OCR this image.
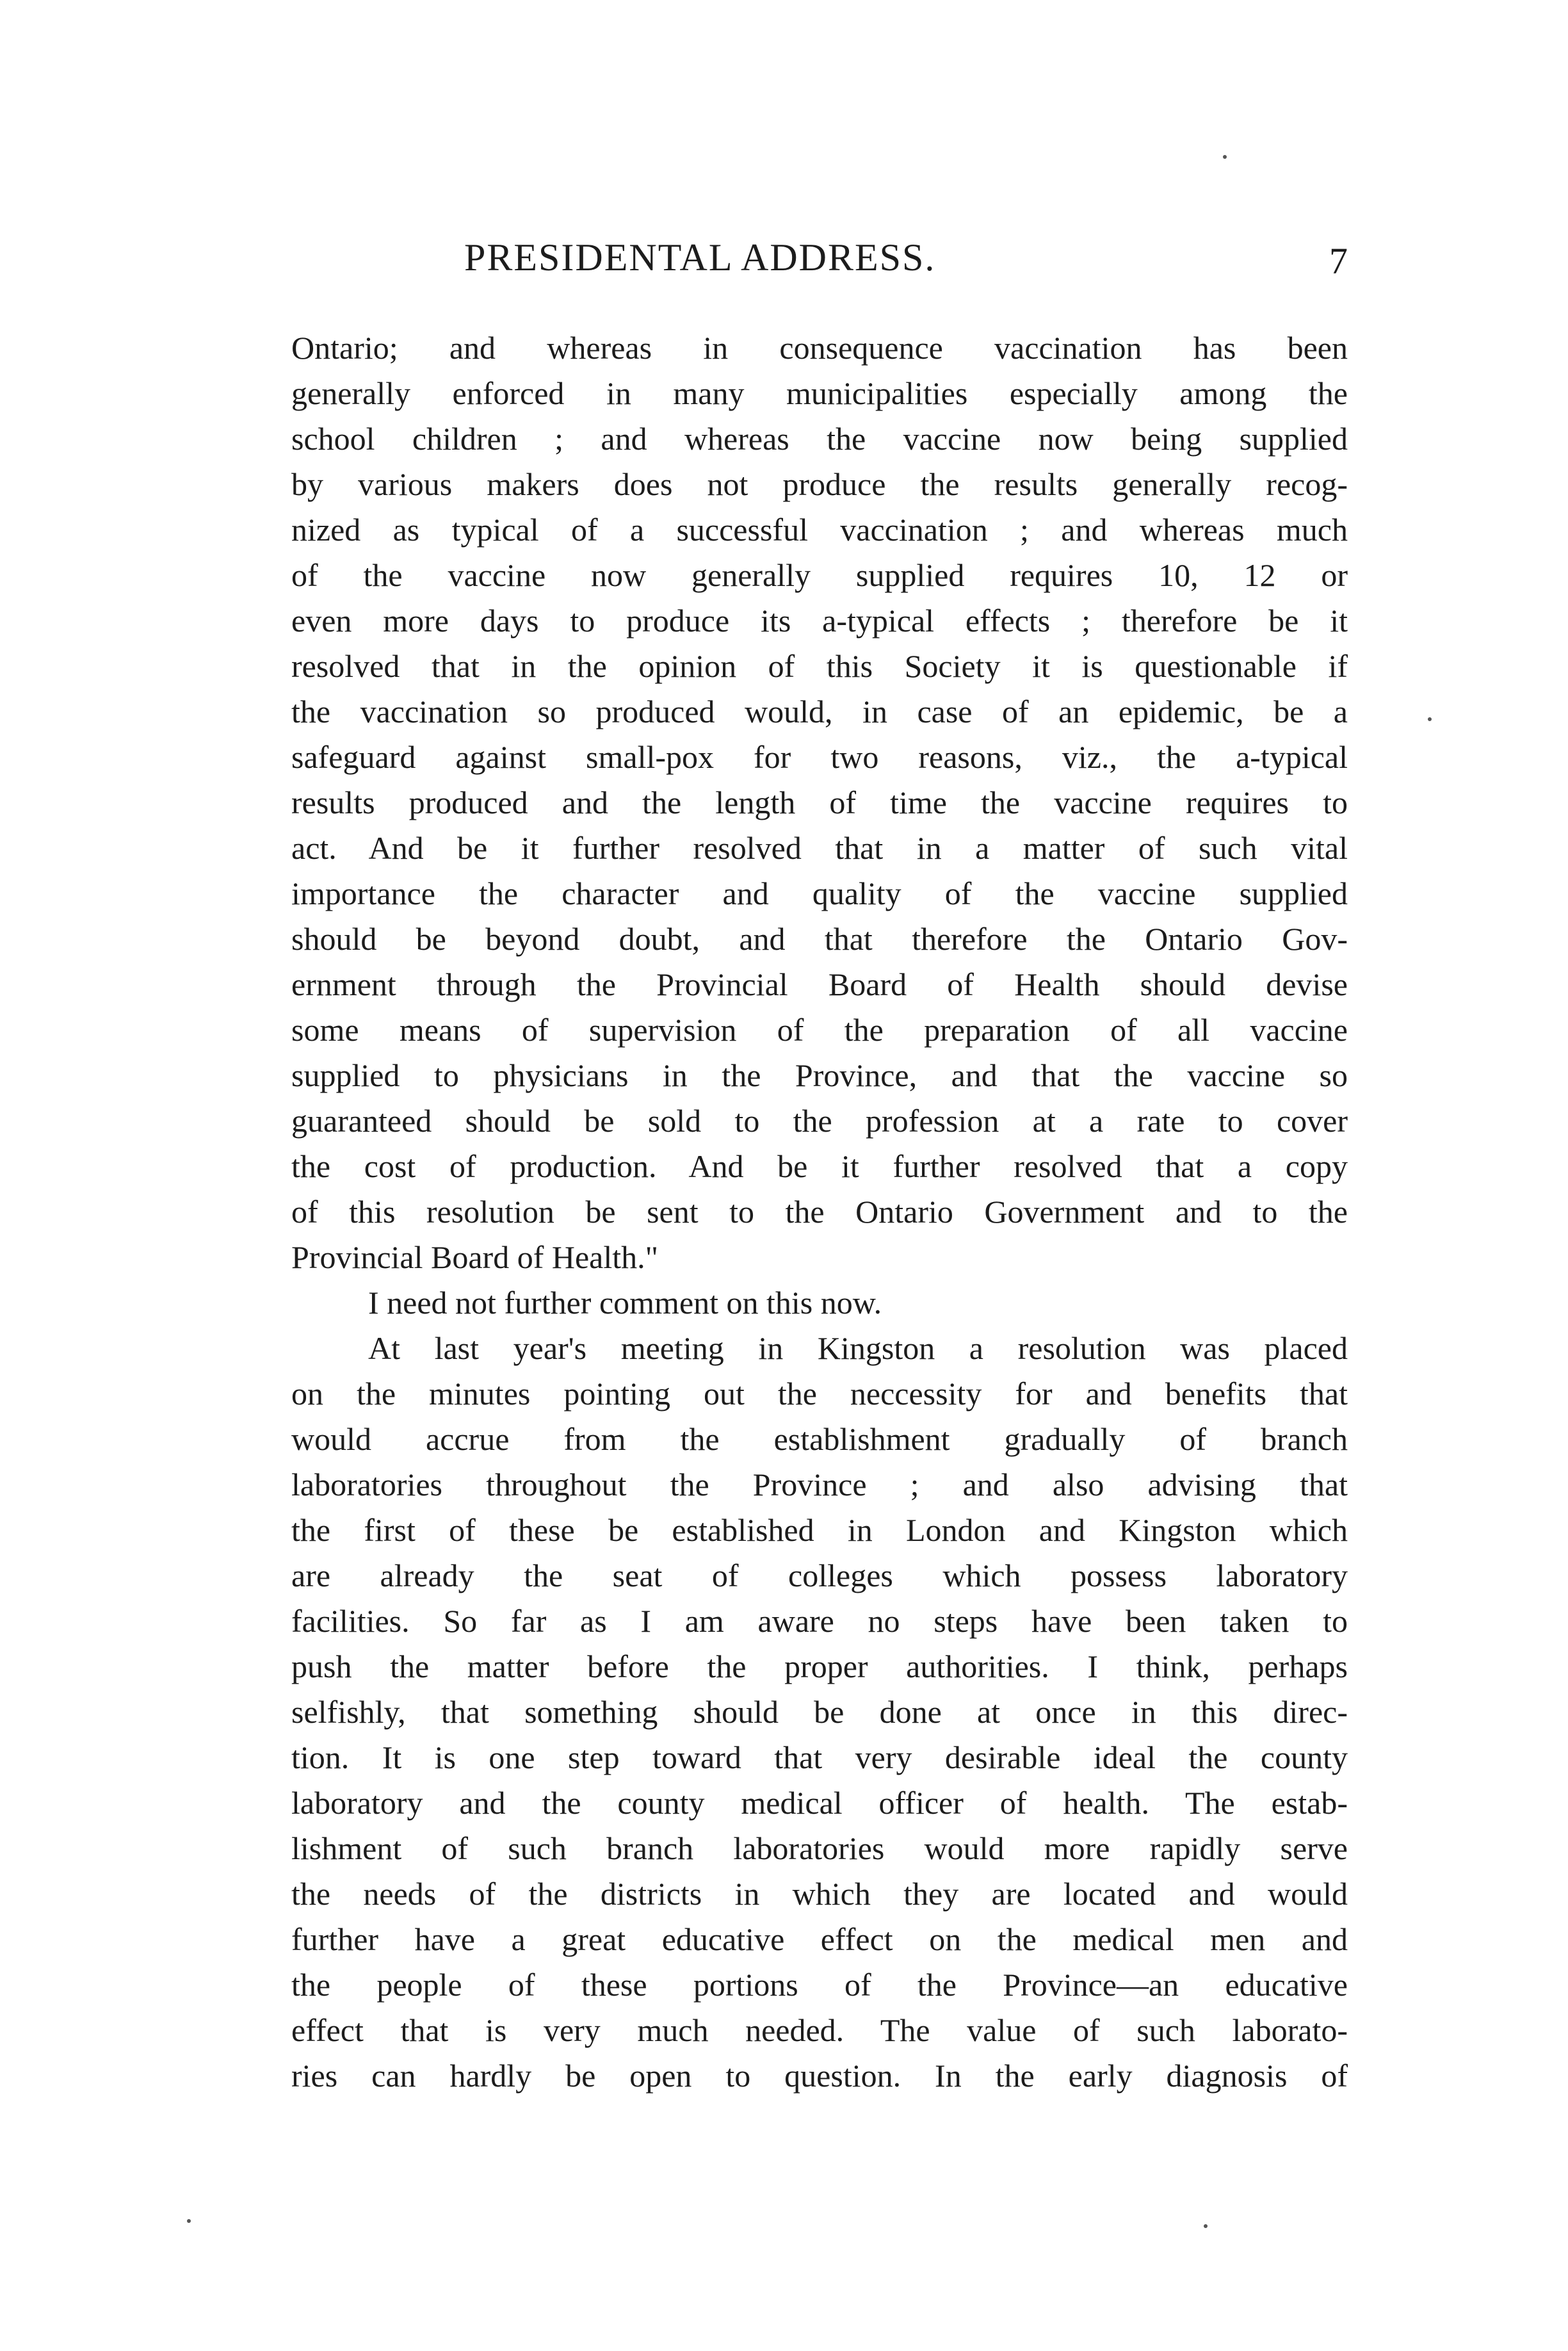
PRESIDENTAL ADDRESS.	7
Ontario; and whereas in consequence vaccination has been
generally enforced in many municipalities especially among the
school children ; and whereas the vaccine now being supplied
by various makers does not produce the results generally recog-
nized as typical of a successful vaccination ; and whereas much
of the vaccine now generally supplied requires 10, 12 or
even more days to produce its a-typical effects ; therefore be it
resolved that in the opinion of this Society it is questionable if
the vaccination so produced would, in case of an epidemic, be a
safeguard against small-pox for two reasons, viz., the a-typical
results produced and the length of time the vaccine requires to
act. And be it further resolved that in a matter of such vital
importance the character and quality of the vaccine supplied
should be beyond doubt, and that therefore the Ontario Gov-
ernment through the Provincial Board of Health should devise
some means of supervision of the preparation of all vaccine
supplied to physicians in the Province, and that the vaccine so
guaranteed should be sold to the profession at a rate to cover
the cost of production. And be it further resolved that a copy
of this resolution be sent to the Ontario Government and to the
Provincial Board of Health."
I need not further comment on this now.
At last year's meeting in Kingston a resolution was placed
on the minutes pointing out the neccessity for and benefits that
would accrue from the establishment gradually of branch
laboratories throughout the Province ; and also advising that
the first of these be established in London and Kingston which
are already the seat of colleges which possess laboratory
facilities. So far as I am aware no steps have been taken to
push the matter before the proper authorities. I think, perhaps
selfishly, that something should be done at once in this direc-
tion. It is one step toward that very desirable ideal the county
laboratory and the county medical officer of health. The estab-
lishment of such branch laboratories would more rapidly serve
the needs of the districts in which they are located and would
further have a great educative effect on the medical men and
the people of these portions of the Province—an educative
effect that is very much needed. The value of such laborato-
ries can hardly be open to question. In the early diagnosis of
